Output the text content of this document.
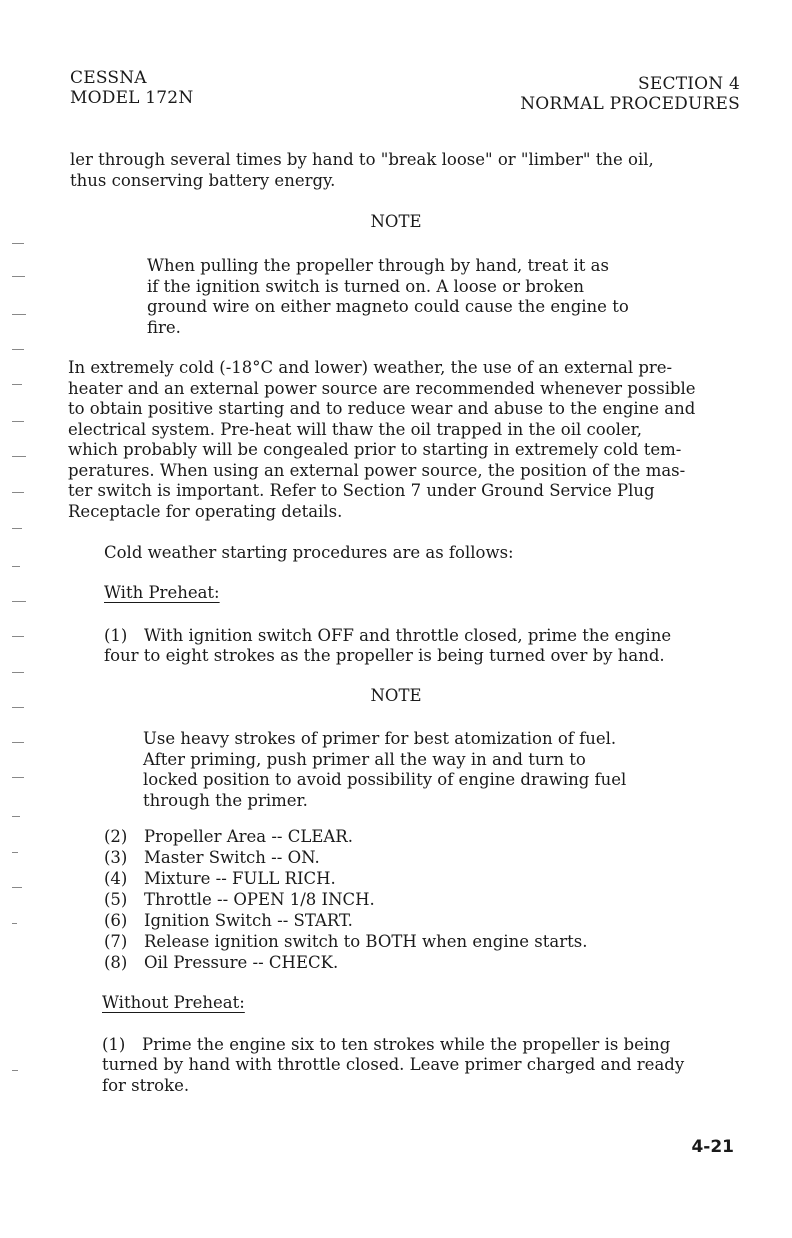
CESSNA
MODEL 172N
SECTION 4
NORMAL PROCEDURES
ler through several times by hand to "break loose" or "limber" the oil,
thus conserving battery energy.
NOTE
When pulling the propeller through by hand, treat it as
if the ignition switch is turned on. A loose or broken
ground wire on either magneto could cause the engine to
fire.
In extremely cold (-18°C and lower) weather, the use of an external pre-
heater and an external power source are recommended whenever possible
to obtain positive starting and to reduce wear and abuse to the engine and
electrical system. Pre-heat will thaw the oil trapped in the oil cooler,
which probably will be congealed prior to starting in extremely cold tem-
peratures. When using an external power source, the position of the mas-
ter switch is important. Refer to Section 7 under Ground Service Plug
Receptacle for operating details.
Cold weather starting procedures are as follows:
With Preheat:
(1)	With ignition switch OFF and throttle closed, prime the engine
four to eight strokes as the propeller is being turned over by hand.
NOTE
Use heavy strokes of primer for best atomization of fuel.
After priming, push primer all the way in and turn to
locked position to avoid possibility of engine drawing fuel
through the primer.
(2)	Propeller Area -- CLEAR.
(3)	Master Switch -- ON.
(4)	Mixture -- FULL RICH.
(5)	Throttle -- OPEN 1/8 INCH.
(6)	Ignition Switch -- START.
(7)	Release ignition switch to BOTH when engine starts.
(8)	Oil Pressure -- CHECK.
Without Preheat:
(1)	Prime the engine six to ten strokes while the propeller is being
turned by hand with throttle closed. Leave primer charged and ready
for stroke.
4-21
